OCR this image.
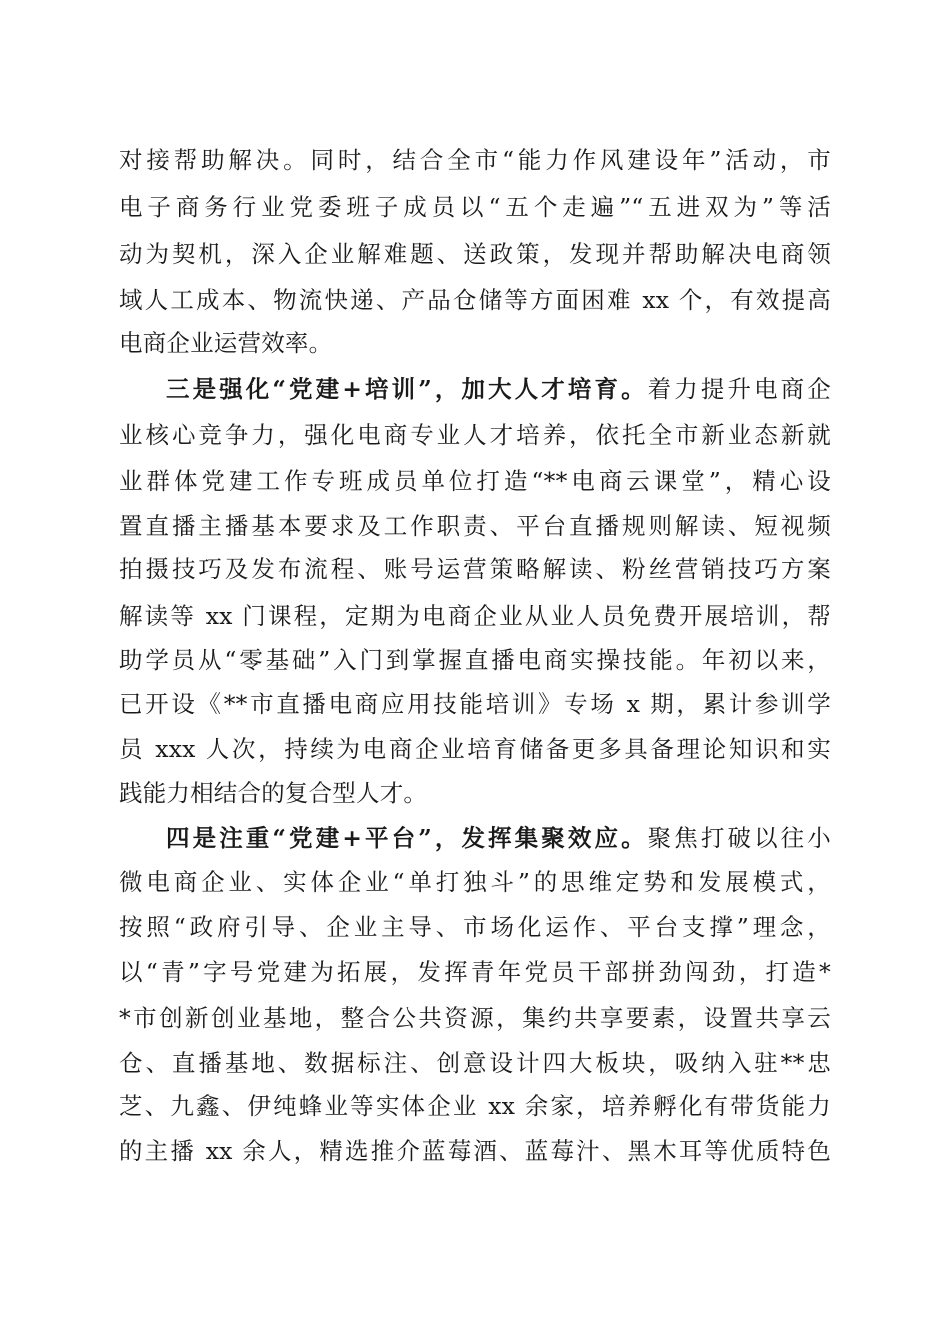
对接帮助解决。同时，结合全市“能力作风建设年”活动，市
电子商务行业党委班子成员以“五个走遍”“五进双为”等活
动为契机，深入企业解难题、送政策，发现并帮助解决电商领
域人工成本、物流快递、产品仓储等方面困难 xx 个，有效提高
电商企业运营效率。
三是强化“党建+培训”，加大人才培育。着力提升电商企
业核心竞争力，强化电商专业人才培养，依托全市新业态新就
业群体党建工作专班成员单位打造“**电商云课堂”，精心设
置直播主播基本要求及工作职责、平台直播规则解读、短视频
拍摄技巧及发布流程、账号运营策略解读、粉丝营销技巧方案
解读等 xx 门课程，定期为电商企业从业人员免费开展培训，帮
助学员从“零基础”入门到掌握直播电商实操技能。年初以来，
已开设《**市直播电商应用技能培训》专场 x 期，累计参训学
员 xxx 人次，持续为电商企业培育储备更多具备理论知识和实
践能力相结合的复合型人才。
四是注重“党建+平台”，发挥集聚效应。聚焦打破以往小
微电商企业、实体企业“单打独斗”的思维定势和发展模式，
按照“政府引导、企业主导、市场化运作、平台支撑”理念，
以“青”字号党建为拓展，发挥青年党员干部拼劲闯劲，打造*
*市创新创业基地，整合公共资源，集约共享要素，设置共享云
仓、直播基地、数据标注、创意设计四大板块，吸纳入驻**忠
芝、九鑫、伊纯蜂业等实体企业 xx 余家，培养孵化有带货能力
的主播 xx 余人，精选推介蓝莓酒、蓝莓汁、黑木耳等优质特色
